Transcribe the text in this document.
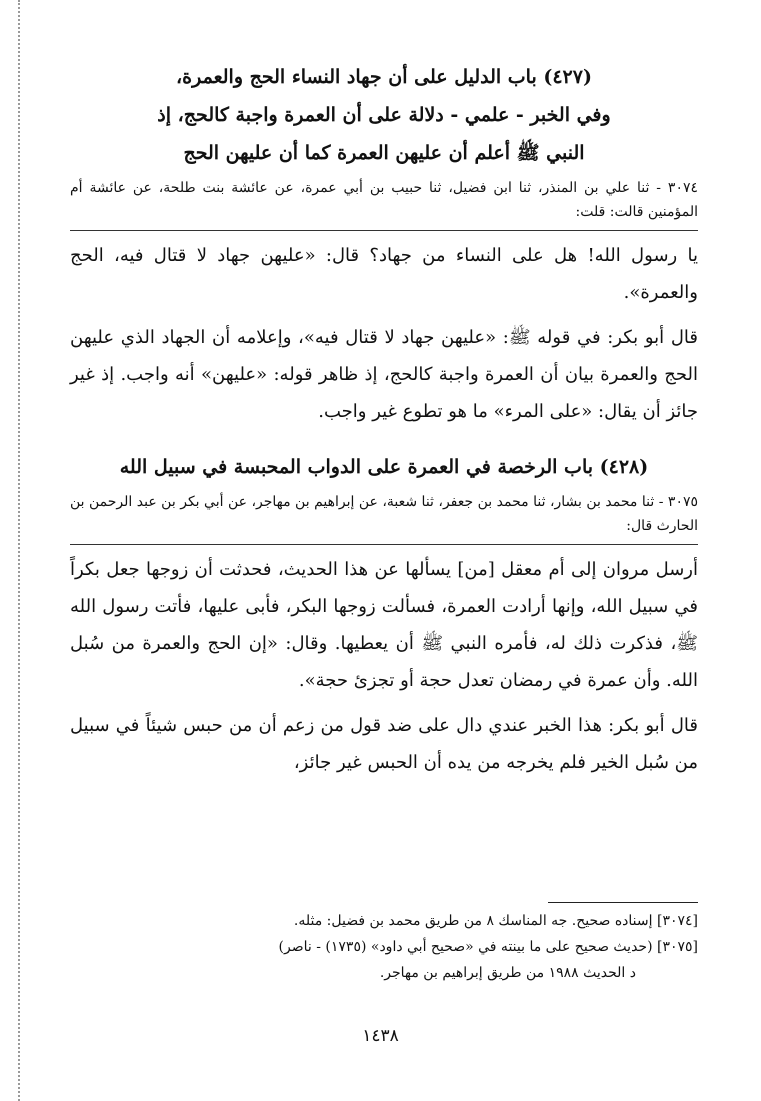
(٤٢٧) باب الدليل على أن جهاد النساء الحج والعمرة،

وفي الخبر - علمي - دلالة على أن العمرة واجبة كالحج، إذ

النبي ﷺ أعلم أن عليهن العمرة كما أن عليهن الحج

٣٠٧٤ - ثنا علي بن المنذر، ثنا ابن فضيل، ثنا حبيب بن أبي عمرة، عن عائشة بنت طلحة، عن عائشة أم المؤمنين قالت: قلت:

يا رسول الله! هل على النساء من جهاد؟ قال: «عليهن جهاد لا قتال فيه، الحج والعمرة».

قال أبو بكر: في قوله ﷺ: «عليهن جهاد لا قتال فيه»، وإعلامه أن الجهاد الذي عليهن الحج والعمرة بيان أن العمرة واجبة كالحج، إذ ظاهر قوله: «عليهن» أنه واجب. إذ غير جائز أن يقال: «على المرء» ما هو تطوع غير واجب.

(٤٢٨) باب الرخصة في العمرة على الدواب المحبسة في سبيل الله

٣٠٧٥ - ثنا محمد بن بشار، ثنا محمد بن جعفر، ثنا شعبة، عن إبراهيم بن مهاجر، عن أبي بكر بن عبد الرحمن بن الحارث قال:

أرسل مروان إلى أم معقل [من] يسألها عن هذا الحديث، فحدثت أن زوجها جعل بكراً في سبيل الله، وإنها أرادت العمرة، فسألت زوجها البكر، فأبى عليها، فأتت رسول الله ﷺ، فذكرت ذلك له، فأمره النبي ﷺ أن يعطيها. وقال: «إن الحج والعمرة من سُبل الله. وأن عمرة في رمضان تعدل حجة أو تجزئ حجة».

قال أبو بكر: هذا الخبر عندي دال على ضد قول من زعم أن من حبس شيئاً في سبيل من سُبل الخير فلم يخرجه من يده أن الحبس غير جائز،

[٣٠٧٤] إسناده صحيح. جه المناسك ٨ من طريق محمد بن فضيل: مثله.

[٣٠٧٥] (حديث صحيح على ما بينته في «صحيح أبي داود» (١٧٣٥) - ناصر)

د الحديث ١٩٨٨ من طريق إبراهيم بن مهاجر.

١٤٣٨
